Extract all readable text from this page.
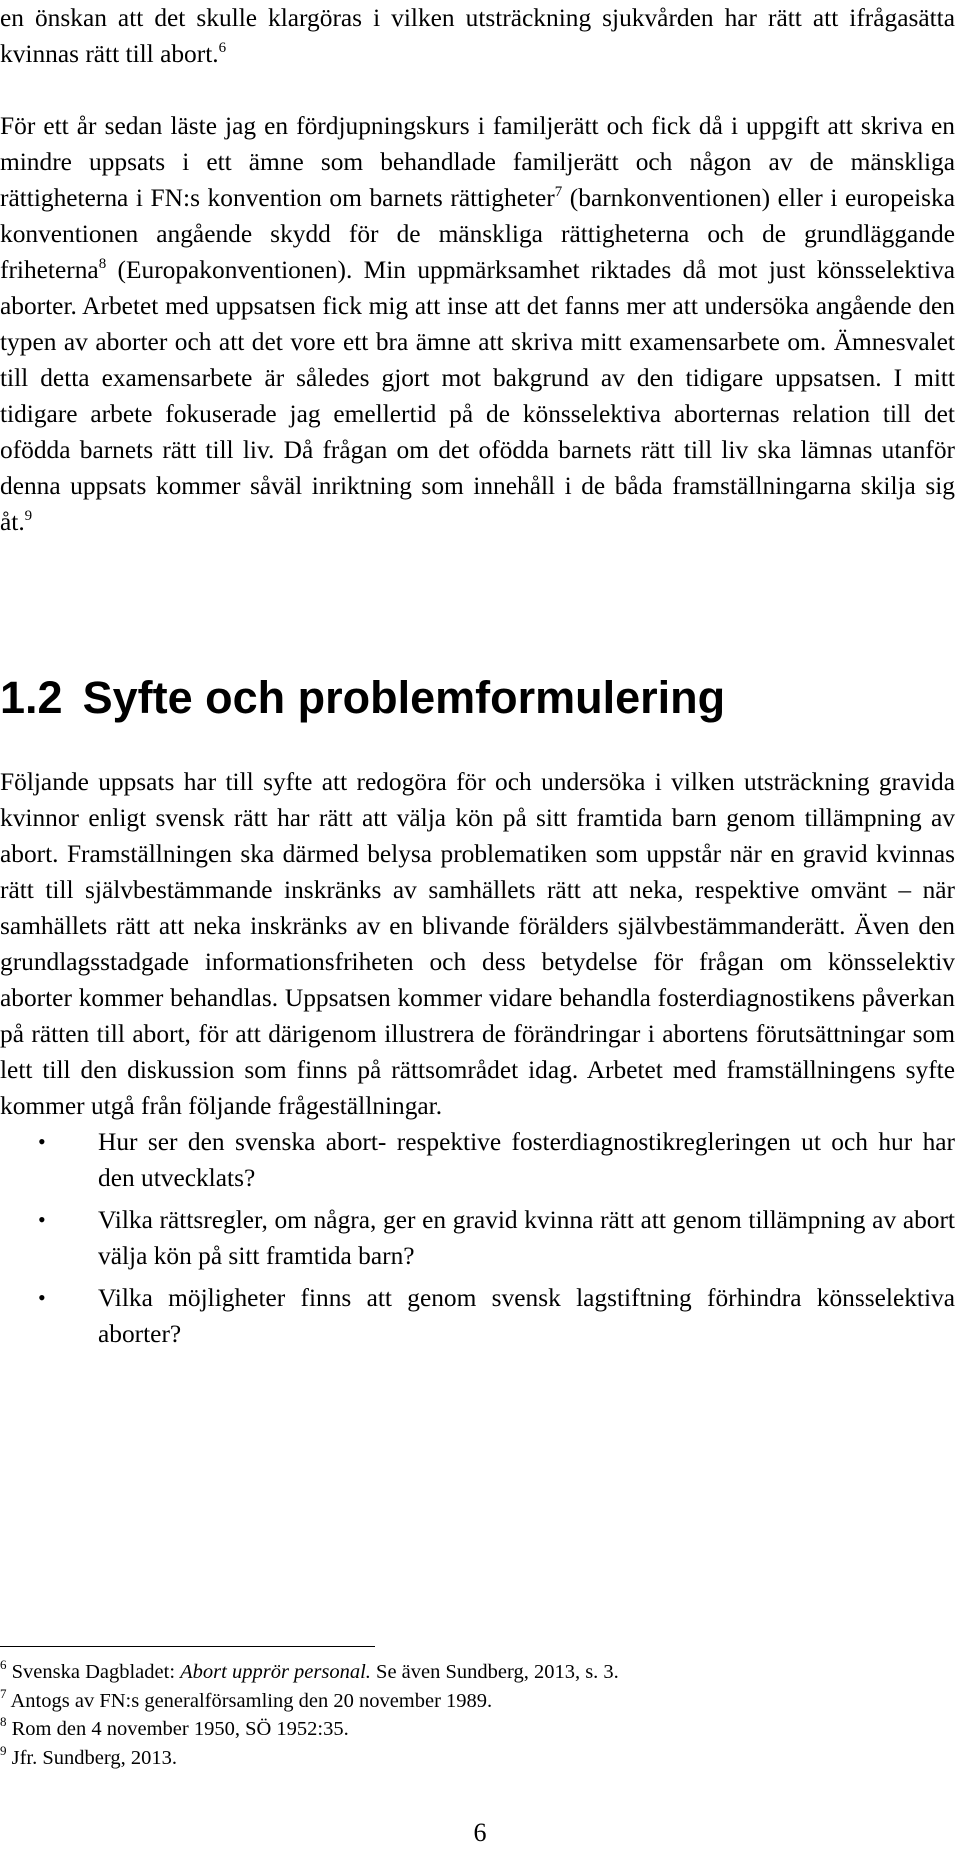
en önskan att det skulle klargöras i vilken utsträckning sjukvården har rätt att ifrågasätta kvinnas rätt till abort.$^6$

För ett år sedan läste jag en fördjupningskurs i familjerätt och fick då i uppgift att skriva en mindre uppsats i ett ämne som behandlade familjerätt och någon av de mänskliga rättigheterna i FN:s konvention om barnets rättigheter$^7$ (barnkonventionen) eller i europeiska konventionen angående skydd för de mänskliga rättigheterna och de grundläggande friheterna$^8$ (Europakonventionen). Min uppmärksamhet riktades då mot just könsselektiva aborter. Arbetet med uppsatsen fick mig att inse att det fanns mer att undersöka angående den typen av aborter och att det vore ett bra ämne att skriva mitt examensarbete om. Ämnesvalet till detta examensarbete är således gjort mot bakgrund av den tidigare uppsatsen. I mitt tidigare arbete fokuserade jag emellertid på de könsselektiva aborternas relation till det ofödda barnets rätt till liv. Då frågan om det ofödda barnets rätt till liv ska lämnas utanför denna uppsats kommer såväl inriktning som innehåll i de båda framställningarna skilja sig åt.$^9$

1.2 Syfte och problemformulering

Följande uppsats har till syfte att redogöra för och undersöka i vilken utsträckning gravida kvinnor enligt svensk rätt har rätt att välja kön på sitt framtida barn genom tillämpning av abort. Framställningen ska därmed belysa problematiken som uppstår när en gravid kvinnas rätt till självbestämmande inskränks av samhällets rätt att neka, respektive omvänt – när samhällets rätt att neka inskränks av en blivande förälders självbestämmanderätt. Även den grundlagsstadgade informationsfriheten och dess betydelse för frågan om könsselektiv aborter kommer behandlas. Uppsatsen kommer vidare behandla fosterdiagnostikens påverkan på rätten till abort, för att därigenom illustrera de förändringar i abortens förutsättningar som lett till den diskussion som finns på rättsområdet idag. Arbetet med framställningens syfte kommer utgå från följande frågeställningar.

• Hur ser den svenska abort- respektive fosterdiagnostikregleringen ut och hur har den utvecklats?
• Vilka rättsregler, om några, ger en gravid kvinna rätt att genom tillämpning av abort välja kön på sitt framtida barn?
• Vilka möjligheter finns att genom svensk lagstiftning förhindra könsselektiva aborter?

$^6$ Svenska Dagbladet: Abort upprör personal. Se även Sundberg, 2013, s. 3.

$^7$ Antogs av FN:s generalförsamling den 20 november 1989.

$^8$ Rom den 4 november 1950, SÖ 1952:35.

$^9$ Jfr. Sundberg, 2013.

6
